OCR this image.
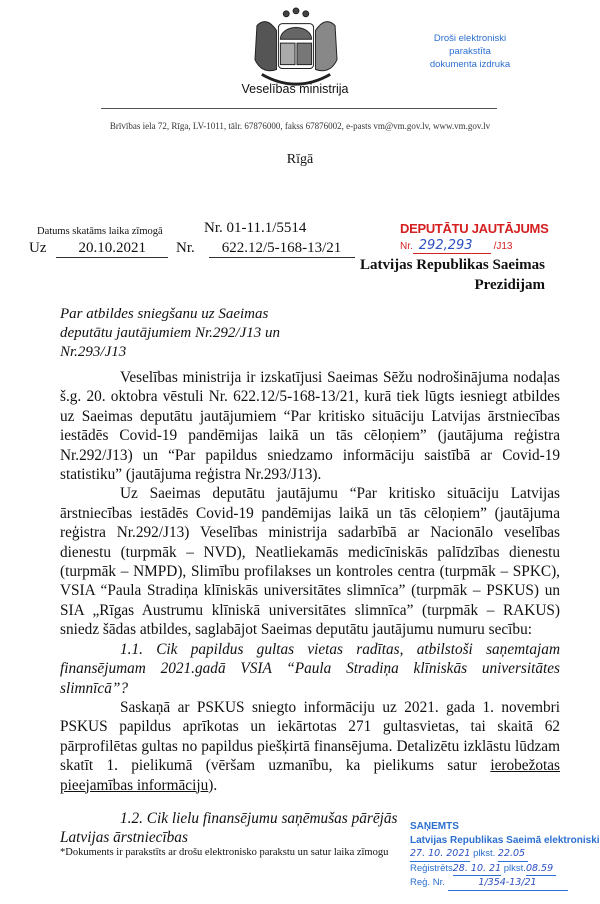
Veselības ministrija
Brīvības iela 72, Rīga, LV-1011, tālr. 67876000, fakss 67876002, e-pasts vm@vm.gov.lv, www.vm.gov.lv
Rīgā
Droši elektroniski parakstīta
dokumenta izdruka
Datums skatāms laika zīmogā	Nr. 01-11.1/5514
Uz 20.10.2021 Nr. 622.12/5-168-13/21
DEPUTĀTU JAUTĀJUMS
Nr. 292,293 /J13
Latvijas Republikas Saeimas
Prezidijam
Par atbildes sniegšanu uz Saeimas deputātu jautājumiem Nr.292/J13 un Nr.293/J13

Veselības ministrija ir izskatījusi Saeimas Sēžu nodrošinājuma nodaļas š.g. 20. oktobra vēstuli Nr. 622.12/5-168-13/21, kurā tiek lūgts iesniegt atbildes uz Saeimas deputātu jautājumiem “Par kritisko situāciju Latvijas ārstniecības iestādēs Covid-19 pandēmijas laikā un tās cēloņiem” (jautājuma reģistra Nr.292/J13) un “Par papildus sniedzamo informāciju saistībā ar Covid-19 statistiku” (jautājuma reģistra Nr.293/J13).

Uz Saeimas deputātu jautājumu “Par kritisko situāciju Latvijas ārstniecības iestādēs Covid-19 pandēmijas laikā un tās cēloņiem” (jautājuma reģistra Nr.292/J13) Veselības ministrija sadarbībā ar Nacionālo veselības dienestu (turpmāk – NVD), Neatliekamās medicīniskās palīdzības dienestu (turpmāk – NMPD), Slimību profilakses un kontroles centra (turpmāk – SPKC), VSIA “Paula Stradiņa klīniskās universitātes slimnīca” (turpmāk – PSKUS) un SIA „Rīgas Austrumu klīniskā universitātes slimnīca” (turpmāk – RAKUS) sniedz šādas atbildes, saglabājot Saeimas deputātu jautājumu numuru secību:

1.1. Cik papildus gultas vietas radītas, atbilstoši saņemtajam finansējumam 2021.gadā VSIA “Paula Stradiņa klīniskās universitātes slimnīcā”?

Saskaņā ar PSKUS sniegto informāciju uz 2021. gada 1. novembri PSKUS papildus aprīkotas un iekārtotas 271 gultasvietas, tai skaitā 62 pārprofilētas gultas no papildus piešķirtā finansējuma. Detalizētu izklāstu lūdzam skatīt 1. pielikumā (vēršam uzmanību, ka pielikums satur ierobežotas pieejamības informāciju).

1.2. Cik lielu finansējumu saņēmušas pārējās Latvijas ārstniecības

*Dokuments ir parakstīts ar drošu elektronisko parakstu un satur laika zīmogu
SAŅEMTS
Latvijas Republikas Saeimā elektroniski
27. 10. 2021 plkst. 22.05
Reģistrēts28. 10. 21 plkst.08.59
Reģ. Nr.	1/354-13/21
